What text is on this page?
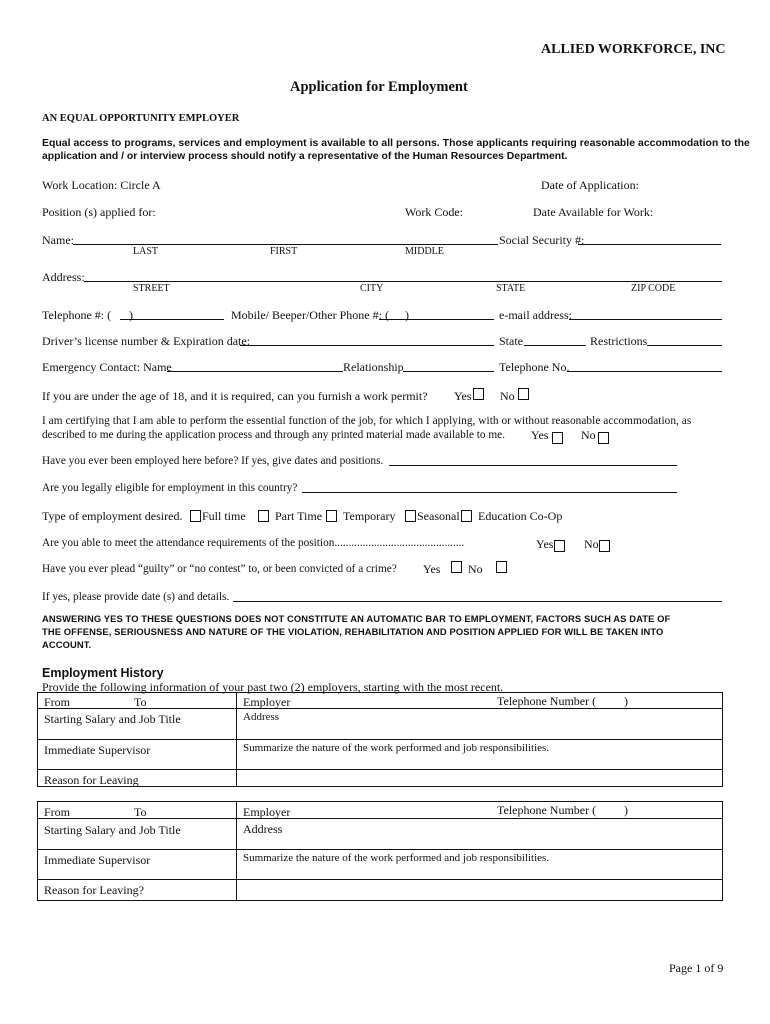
ALLIED WORKFORCE, INC
Application for Employment
AN EQUAL OPPORTUNITY EMPLOYER
Equal access to programs, services and employment is available to all persons. Those applicants requiring reasonable accommodation to the
application and / or interview process should notify a representative of the Human Resources Department.
Work Location: Circle A	Date of Application:
Position (s) applied for:	Work Code:	Date Available for Work:
Name:	Social Security #:
LAST	FIRST	MIDDLE
Address:
STREET	CITY	STATE	ZIP CODE
Telephone #: ( )	Mobile/ Beeper/Other Phone #: ( )	e-mail address:
Driver’s license number & Expiration date:	State	Restrictions
Emergency Contact: Name	Relationship	Telephone No.
If you are under the age of 18, and it is required, can you furnish a work permit? Yes No
I am certifying that I am able to perform the essential function of the job, for which I applying, with or without reasonable accommodation, as
described to me during the application process and through any printed material made available to me. Yes	No
Have you ever been employed here before? If yes, give dates and positions.
Are you legally eligible for employment in this country?
Type of employment desired. Full time Part Time Temporary Seasonal Education Co-Op
Are you able to meet the attendance requirements of the position..............................................	Yes	No
Have you ever plead “guilty” or “no contest” to, or been convicted of a crime? Yes No
If yes, please provide date (s) and details.
ANSWERING YES TO THESE QUESTIONS DOES NOT CONSTITUTE AN AUTOMATIC BAR TO EMPLOYMENT, FACTORS SUCH AS DATE OF
THE OFFENSE, SERIOUSNESS AND NATURE OF THE VIOLATION, REHABILITATION AND POSITION APPLIED FOR WILL BE TAKEN INTO
ACCOUNT.
Employment History
Provide the following information of your past two (2) employers, starting with the most recent.
From	To	Employer	Telephone Number ( )
Starting Salary and Job Title	Address
Immediate Supervisor	Summarize the nature of the work performed and job responsibilities.
Reason for Leaving
From	To	Employer	Telephone Number ( )
Starting Salary and Job Title	Address
Immediate Supervisor	Summarize the nature of the work performed and job responsibilities.
Reason for Leaving?
Page 1 of 9
